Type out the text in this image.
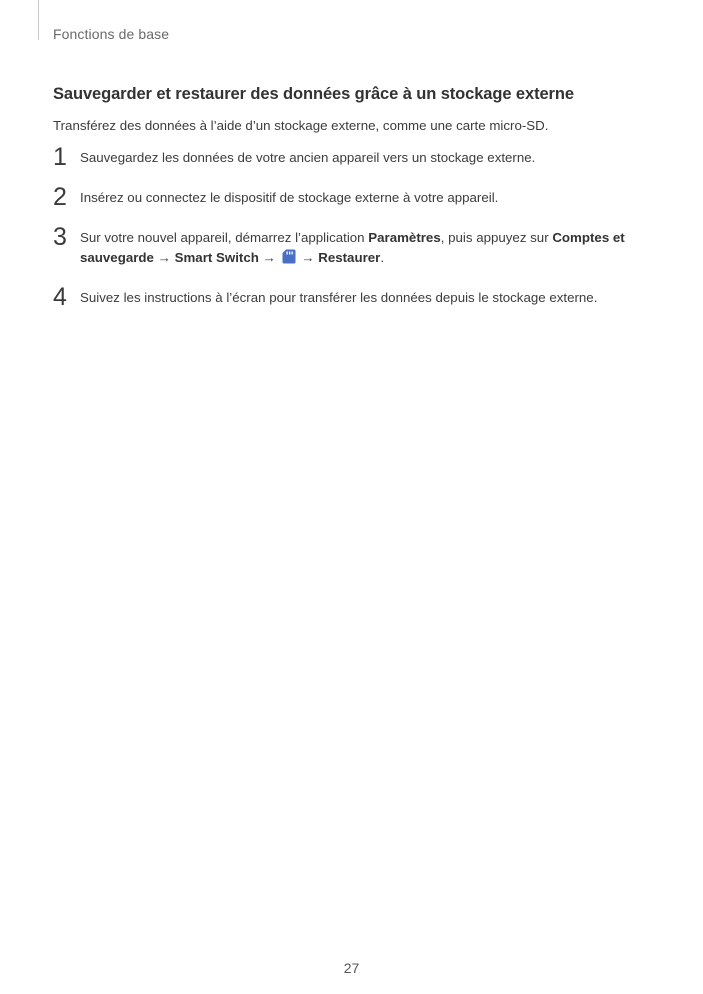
Fonctions de base
Sauvegarder et restaurer des données grâce à un stockage externe

Transférez des données à l’aide d’un stockage externe, comme une carte micro-SD.

1 Sauvegardez les données de votre ancien appareil vers un stockage externe.
2 Insérez ou connectez le dispositif de stockage externe à votre appareil.
3 Sur votre nouvel appareil, démarrez l’application Paramètres, puis appuyez sur Comptes et sauvegarde → Smart Switch →  → Restaurer.
4 Suivez les instructions à l’écran pour transférer les données depuis le stockage externe.
27
